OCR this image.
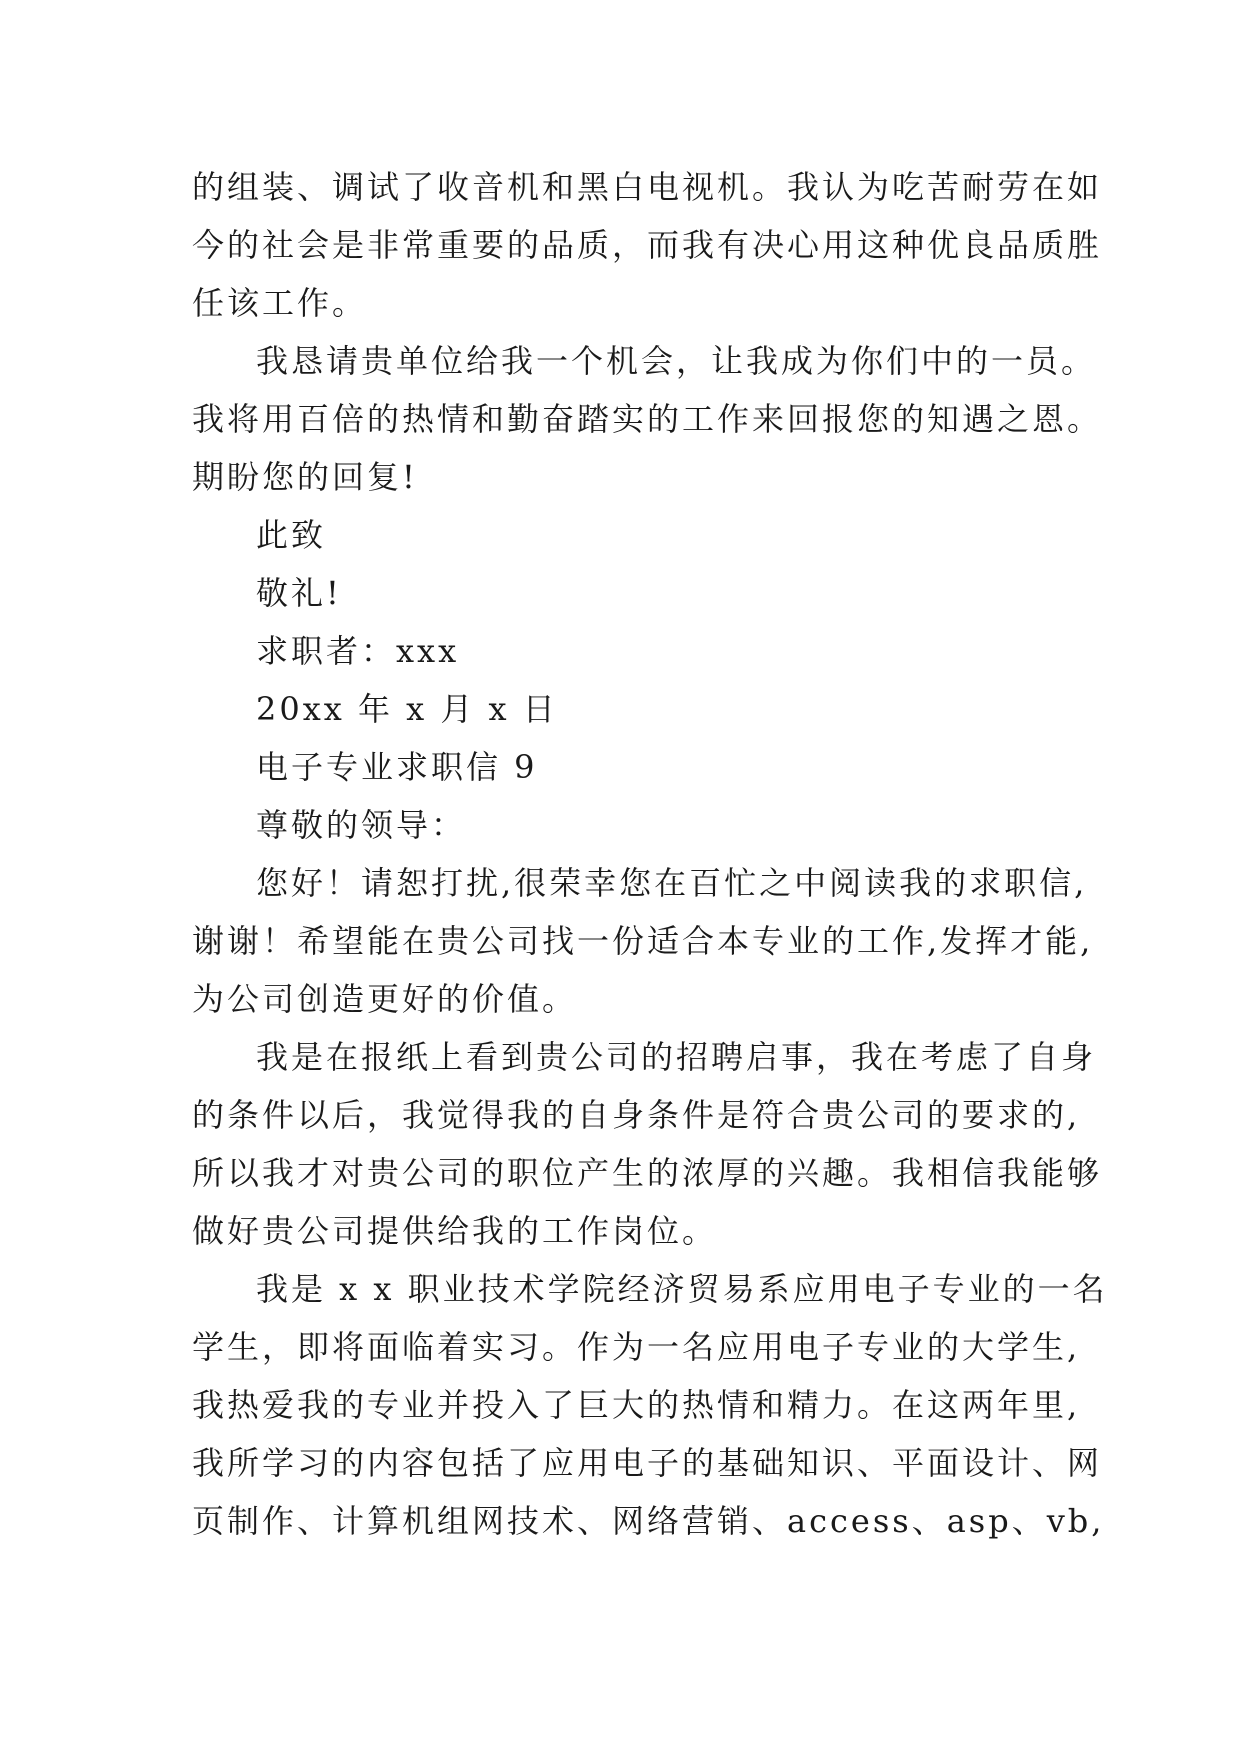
的组装、调试了收音机和黑白电视机。我认为吃苦耐劳在如
今的社会是非常重要的品质，而我有决心用这种优良品质胜
任该工作。
我恳请贵单位给我一个机会，让我成为你们中的一员。
我将用百倍的热情和勤奋踏实的工作来回报您的知遇之恩。
期盼您的回复!
此致
敬礼!
求职者：xxx
20xx 年 x 月 x 日
电子专业求职信 9
尊敬的领导：
您好！请恕打扰,很荣幸您在百忙之中阅读我的求职信,
谢谢！希望能在贵公司找一份适合本专业的工作,发挥才能,
为公司创造更好的价值。
我是在报纸上看到贵公司的招聘启事，我在考虑了自身
的条件以后，我觉得我的自身条件是符合贵公司的要求的,
所以我才对贵公司的职位产生的浓厚的兴趣。我相信我能够
做好贵公司提供给我的工作岗位。
我是 x x 职业技术学院经济贸易系应用电子专业的一名
学生，即将面临着实习。作为一名应用电子专业的大学生,
我热爱我的专业并投入了巨大的热情和精力。在这两年里,
我所学习的内容包括了应用电子的基础知识、平面设计、网
页制作、计算机组网技术、网络营销、access、asp、vb,
